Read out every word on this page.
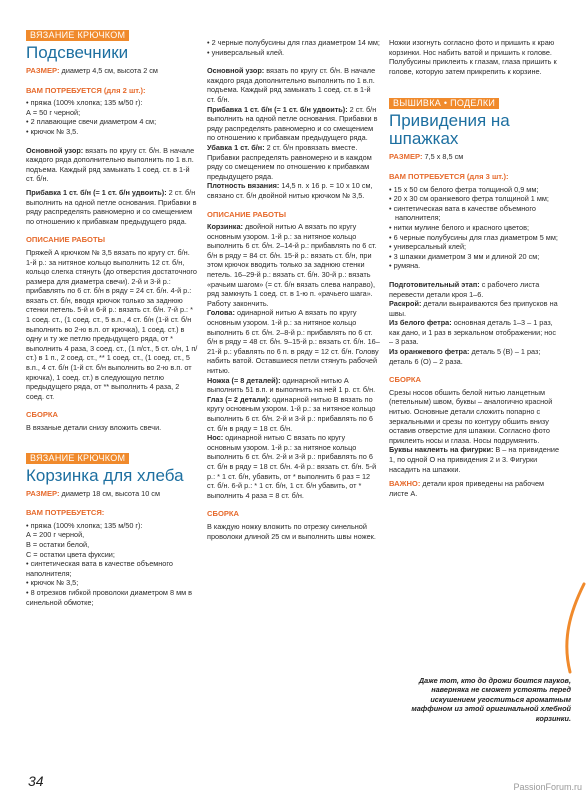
ВЯЗАНИЕ КРЮЧКОМ
Подсвечники

РАЗМЕР: диаметр 4,5 см, высота 2 см

ВАМ ПОТРЕБУЕТСЯ (для 2 шт.):

• пряжа (100% хлопка; 135 м/50 г):

А = 50 г черной;

• 2 плавающие свечи диаметром 4 см;

• крючок № 3,5.

Основной узор: вязать по кругу ст. б/н. В начале каждого ряда дополнительно выполнить по 1 в.п. подъема. Каждый ряд замыкать 1 соед. ст. в 1-й ст. б/н.

Прибавка 1 ст. б/н (= 1 ст. б/н удвоить): 2 ст. б/н выполнить на одной петле основания. Прибавки в ряду распределять равномерно и со смещением по отношению к прибавкам предыдущего ряда.

ОПИСАНИЕ РАБОТЫ

Пряжей А крючком № 3,5 вязать по кругу ст. б/н. 1-й р.: за нитяное кольцо выполнить 12 ст. б/н, кольцо слегка стянуть (до отверстия достаточного размера для диаметра свечи). 2-й и 3-й р.: прибавлять по 6 ст. б/н в ряду = 24 ст. б/н. 4-й р.: вязать ст. б/н, вводя крючок только за заднюю стенки петель. 5-й и 6-й р.: вязать ст. б/н. 7-й р.: * 1 соед. ст., (1 соед. ст., 5 в.п., 4 ст. б/н (1-й ст. б/н выполнить во 2-ю в.п. от крючка), 1 соед. ст.) в одну и ту же петлю предыдущего ряда, от * выполнить 4 раза, 3 соед. ст., (1 п/ст., 5 ст. с/н, 1 п/ст.) в 1 п., 2 соед. ст., ** 1 соед. ст., (1 соед. ст., 5 в.п., 4 ст. б/н (1-й ст. б/н выполнить во 2-ю в.п. от крючка), 1 соед. ст.) в следующую петлю предыдущего ряда, от ** выполнить 4 раза, 2 соед. ст.

СБОРКА

В вязаные детали снизу вложить свечи.

ВЯЗАНИЕ КРЮЧКОМ
Корзинка для хлеба

РАЗМЕР: диаметр 18 см, высота 10 см

ВАМ ПОТРЕБУЕТСЯ:

• пряжа (100% хлопка; 135 м/50 г):

А = 200 г черной,

В = остатки белой,

С = остатки цвета фуксии;

• синтетическая вата в качестве объемного наполнителя;

• крючок № 3,5;

• 8 отрезков гибкой проволоки диаметром 8 мм в синельной обмотке;

• 2 черные полубусины для глаз диаметром 14 мм;

• универсальный клей.

Основной узор: вязать по кругу ст. б/н. В начале каждого ряда дополнительно выполнить по 1 в.п. подъема. Каждый ряд замыкать 1 соед. ст. в 1-й ст. б/н.

Прибавка 1 ст. б/н (= 1 ст. б/н удвоить): 2 ст. б/н выполнить на одной петле основания. Прибавки в ряду распределять равномерно и со смещением по отношению к прибавкам предыдущего ряда.

Убавка 1 ст. б/н: 2 ст. б/н провязать вместе.

Прибавки распределять равномерно и в каждом ряду со смещением по отношению к прибавкам предыдущего ряда.

Плотность вязания: 14,5 п. х 16 р. = 10 х 10 см, связано ст. б/н двойной нитью крючком № 3,5.

ОПИСАНИЕ РАБОТЫ

Корзинка: двойной нитью А вязать по кругу основным узором. 1-й р.: за нитяное кольцо выполнить 6 ст. б/н. 2–14-й р.: прибавлять по 6 ст. б/н в ряду = 84 ст. б/н. 15-й р.: вязать ст. б/н, при этом крючок вводить только за заднюю стенки петель. 16–29-й р.: вязать ст. б/н. 30-й р.: вязать «рачьим шагом» (= ст. б/н вязать слева направо), ряд замкнуть 1 соед. ст. в 1-ю п. «рачьего шага». Работу закончить.

Голова: одинарной нитью А вязать по кругу основным узором. 1-й р.: за нитяное кольцо выполнить 6 ст. б/н. 2–8-й р.: прибавлять по 6 ст. б/н в ряду = 48 ст. б/н. 9–15-й р.: вязать ст. б/н. 16–21-й р.: убавлять по 6 п. в ряду = 12 ст. б/н. Голову набить ватой. Оставшиеся петли стянуть рабочей нитью.

Ножка (= 8 деталей): одинарной нитью А выполнить 51 в.п. и выполнить на ней 1 р. ст. б/н.

Глаз (= 2 детали): одинарной нитью В вязать по кругу основным узором. 1-й р.: за нитяное кольцо выполнить 6 ст. б/н. 2-й и 3-й р.: прибавлять по 6 ст. б/н в ряду = 18 ст. б/н.

Нос: одинарной нитью С вязать по кругу основным узором. 1-й р.: за нитяное кольцо выполнить 6 ст. б/н. 2-й и 3-й р.: прибавлять по 6 ст. б/н в ряду = 18 ст. б/н. 4-й р.: вязать ст. б/н. 5-й р.: * 1 ст. б/н, убавить, от * выполнить 6 раз = 12 ст. б/н. 6-й р.: * 1 ст. б/н, 1 ст. б/н убавить, от * выполнить 4 раза = 8 ст. б/н.

СБОРКА

В каждую ножку вложить по отрезку синельной проволоки длиной 25 см и выполнить швы ножек.

Ножки изогнуть согласно фото и пришить к краю корзинки. Нос набить ватой и пришить к голове. Полубусины приклеить к глазам, глаза пришить к голове, которую затем прикрепить к корзине.

ВЫШИВКА • ПОДЕЛКИ
Привидения на шпажках

РАЗМЕР: 7,5 х 8,5 см

ВАМ ПОТРЕБУЕТСЯ (для 3 шт.):

• 15 х 50 см белого фетра толщиной 0,9 мм;

• 20 х 30 см оранжевого фетра толщиной 1 мм;

• синтетическая вата в качестве объемного наполнителя;

• нитки мулине белого и красного цветов;

• 6 черные полубусины для глаз диаметром 5 мм;

• универсальный клей;

• 3 шпажки диаметром 3 мм и длиной 20 см;

• румяна.

Подготовительный этап: с рабочего листа перевести детали кроя 1–6.

Раскрой: детали выкраиваются без припусков на швы.

Из белого фетра: основная деталь 1–3 – 1 раз, как дано, и 1 раз в зеркальном отображении; нос – 3 раза.

Из оранжевого фетра: деталь 5 (В) – 1 раз; деталь 6 (О) – 2 раза.

СБОРКА

Срезы носов обшить белой нитью ланцетным (петельным) швом, буквы – аналогично красной нитью. Основные детали сложить попарно с зеркальными и срезы по контуру обшить внизу оставив отверстие для шпажки. Согласно фото приклеить носы и глаза. Носы подрумянить.

Буквы наклеить на фигурки: В – на привидение 1, по одной О на привидения 2 и 3. Фигурки насадить на шпажки.

ВАЖНО: детали кроя приведены на рабочем листе А.

Даже тот, кто до дрожи боится пауков, наверняка не сможет устоять перед искушением угоститься ароматным маффином из этой оригинальной хлебной корзинки.
34	PassionForum.ru
